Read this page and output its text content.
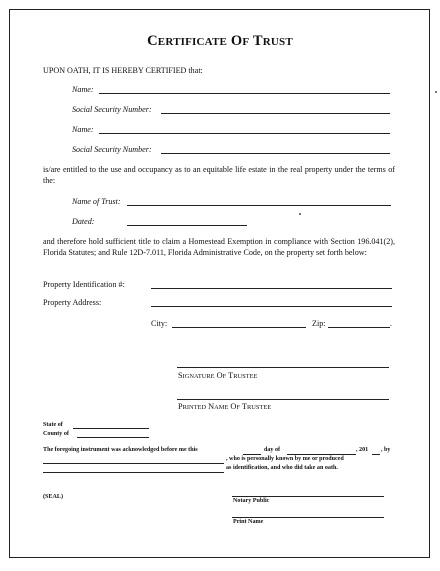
CERTIFICATE OF TRUST
UPON OATH, IT IS HEREBY CERTIFIED that:
Name:
Social Security Number:
Name:
Social Security Number:
is/are entitled to the use and occupancy as to an equitable life estate in the real property under the terms of the:
Name of Trust:
Dated:
and therefore hold sufficient title to claim a Homestead Exemption in compliance with Section 196.041(2), Florida Statutes; and Rule 12D-7.011, Florida Administrative Code, on the property set forth below:
Property Identification #:
Property Address:
City:	Zip:	.
SIGNATURE OF TRUSTEE
PRINTED NAME OF TRUSTEE
State of
County of
The foregoing instrument was acknowledged before me this	day of	, 201 , by
, who is personally known by me or produced
as identification, and who did take an oath.
(SEAL)
Notary Public
Print Name
